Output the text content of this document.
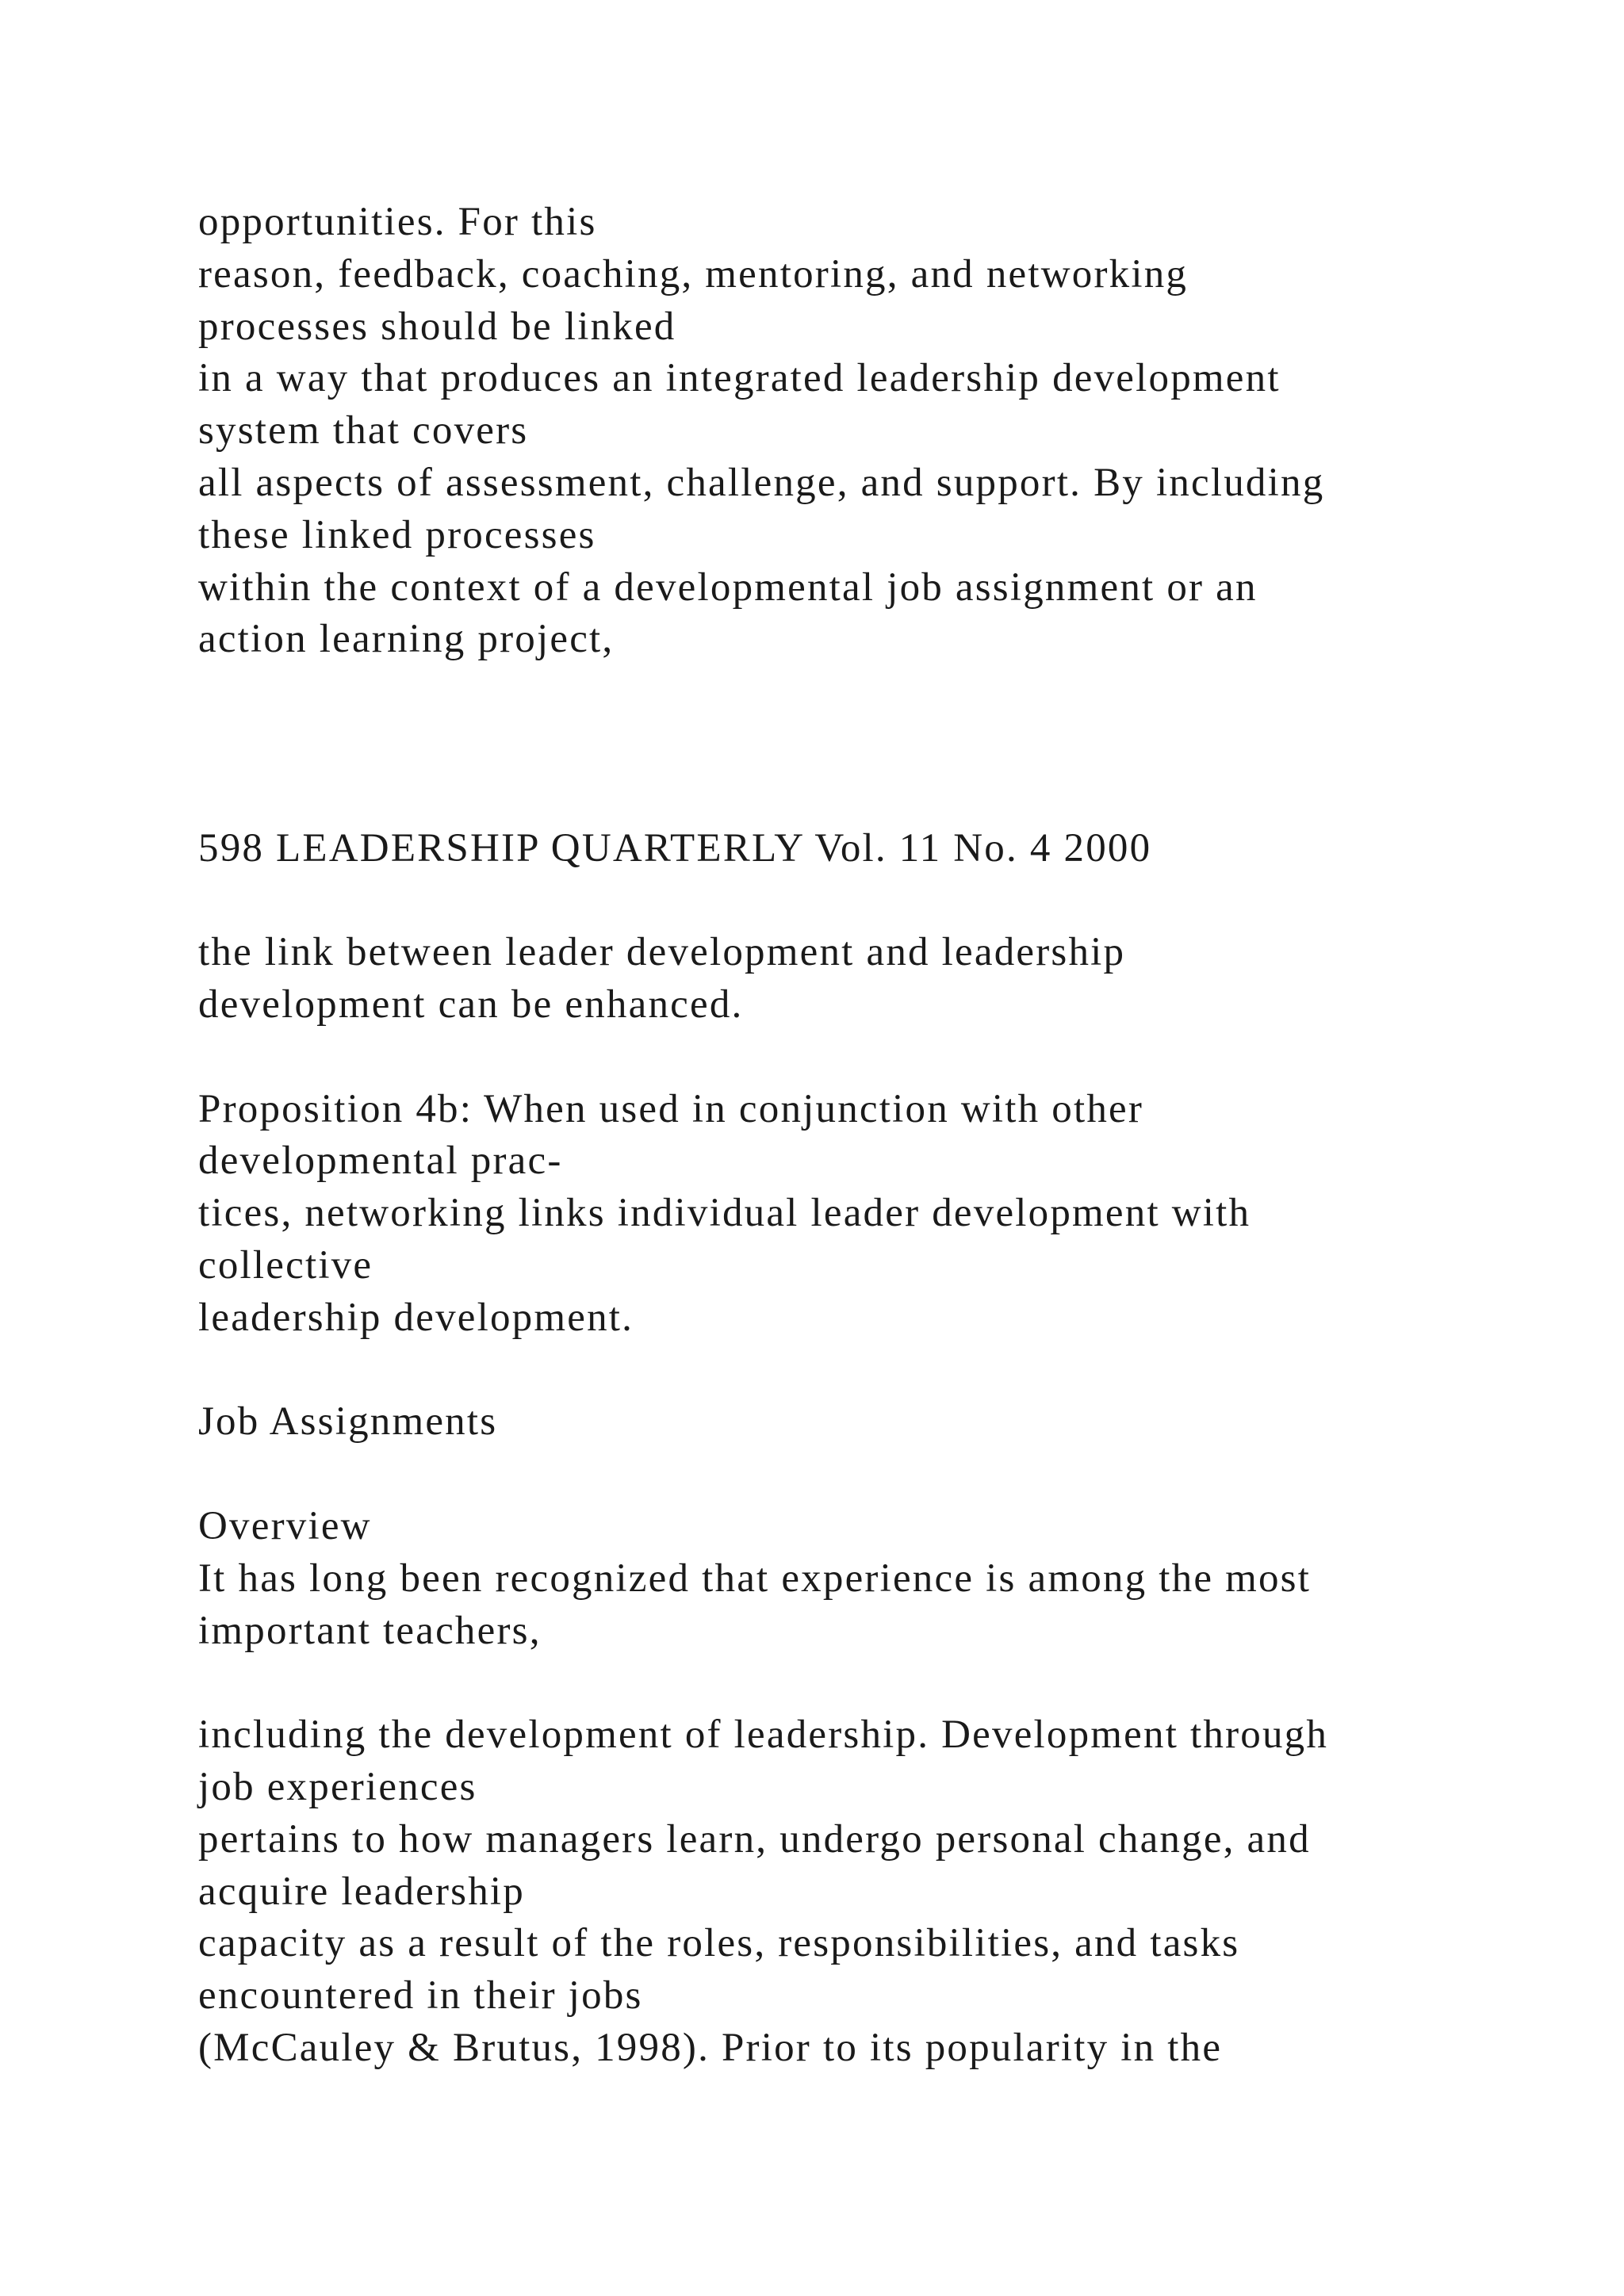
opportunities. For this
reason, feedback, coaching, mentoring, and networking
processes should be linked
in a way that produces an integrated leadership development
system that covers
all aspects of assessment, challenge, and support. By including
these linked processes
within the context of a developmental job assignment or an
action learning project,
598 LEADERSHIP QUARTERLY Vol. 11 No. 4 2000
the link between leader development and leadership
development can be enhanced.
Proposition 4b: When used in conjunction with other
developmental prac-
tices, networking links individual leader development with
collective
leadership development.
Job Assignments
Overview
It has long been recognized that experience is among the most
important teachers,
including the development of leadership. Development through
job experiences
pertains to how managers learn, undergo personal change, and
acquire leadership
capacity as a result of the roles, responsibilities, and tasks
encountered in their jobs
(McCauley & Brutus, 1998). Prior to its popularity in the
